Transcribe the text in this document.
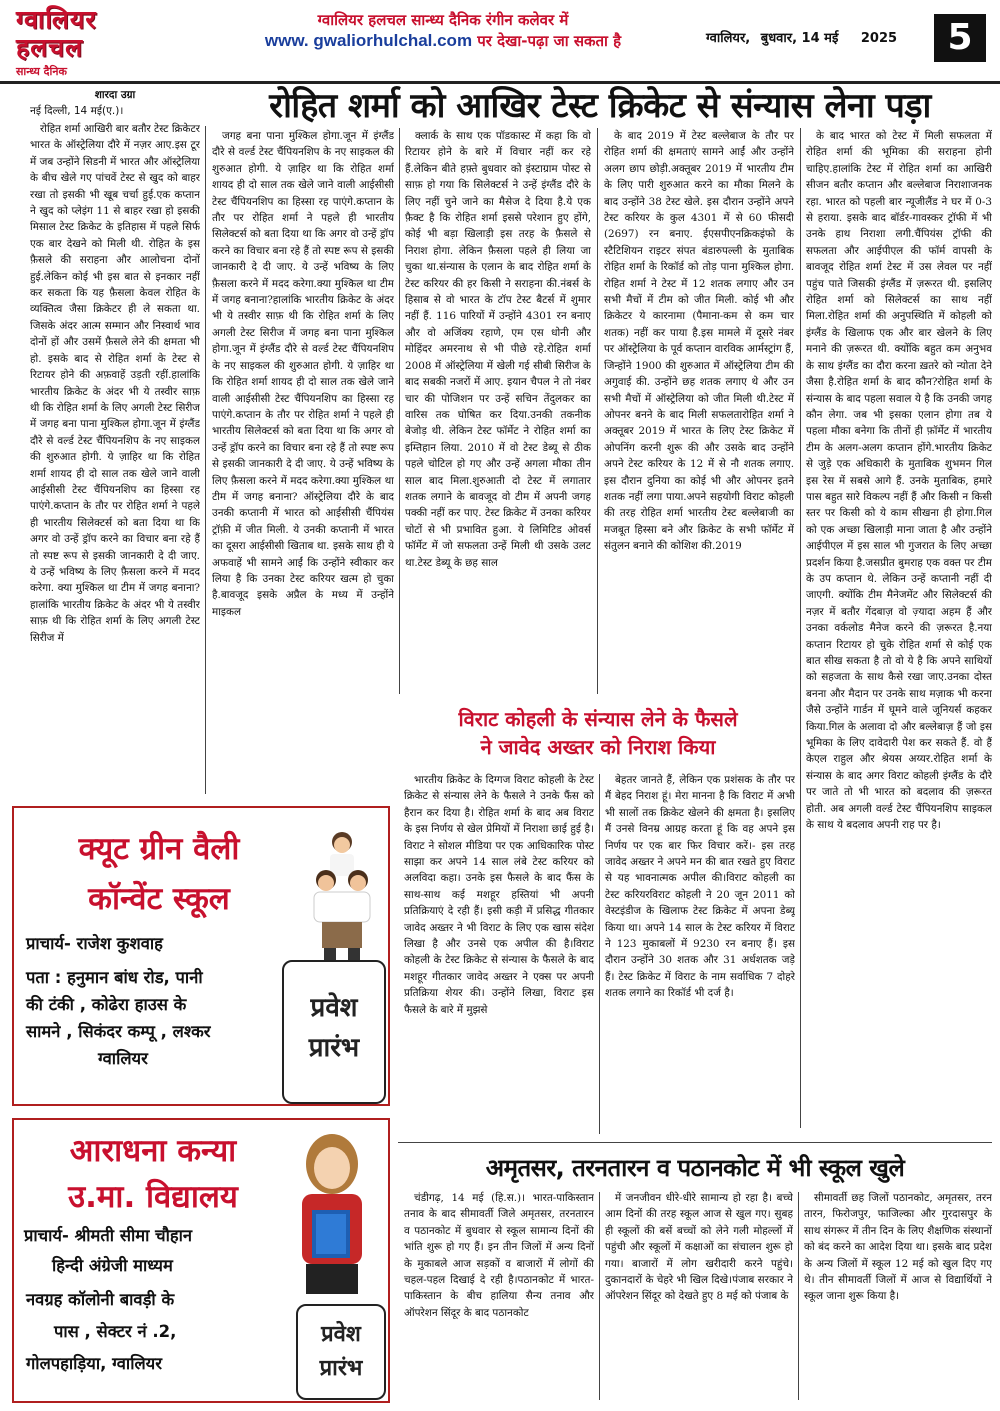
ग्वालियर
हलचल
सान्ध्य दैनिक
ग्वालियर हलचल सान्ध्य दैनिक रंगीन कलेवर में
www. gwaliorhulchal.com पर देखा-पढ़ा जा सकता है	ग्वालियर, बुधवार, 14 मई 2025	5
शारदा उग्रा
नई दिल्ली, 14 मई(ए.)।	रोहित शर्मा को आखिर टेस्ट क्रिकेट से संन्यास लेना पड़ा

रोहित शर्मा आखिरी बार बतौर टेस्ट क्रिकेटर भारत के ऑस्ट्रेलिया दौरे में नज़र आए.इस टूर में जब उन्होंने सिडनी में भारत और ऑस्ट्रेलिया के बीच खेले गए पांचवें टेस्ट से खुद को बाहर रखा तो इसकी भी खूब चर्चा हुई.एक कप्तान ने खुद को प्लेइंग 11 से बाहर रखा हो इसकी मिसाल टेस्ट क्रिकेट के इतिहास में पहले सिर्फ एक बार देखने को मिली थी. रोहित के इस फ़ैसले की सराहना और आलोचना दोनों हुई.लेकिन कोई भी इस बात से इनकार नहीं कर सकता कि यह फ़ैसला केवल रोहित के व्यक्तित्व जैसा क्रिकेटर ही ले सकता था. जिसके अंदर आत्म सम्मान और निस्वार्थ भाव दोनों हों और उसमें फ़ैसले लेने की क्षमता भी हो. इसके बाद से रोहित शर्मा के टेस्ट से रिटायर होने की अफ़वाहें उड़ती रहीं.हालांकि भारतीय क्रिकेट के अंदर भी ये तस्वीर साफ़ थी कि रोहित शर्मा के लिए अगली टेस्ट सिरीज में जगह बना पाना मुश्किल होगा.जून में इंग्लैंड दौरे से वर्ल्ड टेस्ट चैंपियनशिप के नए साइकल की शुरुआत होगी. ये ज़ाहिर था कि रोहित शर्मा शायद ही दो साल तक खेले जाने वाली आईसीसी टेस्ट चैंपियनशिप का हिस्सा रह पाएंगे.कप्तान के तौर पर रोहित शर्मा ने पहले ही भारतीय सिलेक्टर्स को बता दिया था कि अगर वो उन्हें ड्रॉप करने का विचार बना रहे हैं तो स्पष्ट रूप से इसकी जानकारी दे दी जाए. ये उन्हें भविष्य के लिए फ़ैसला करने में मदद करेगा. क्या मुश्किल था टीम में जगह बनाना?हालांकि भारतीय क्रिकेट के अंदर भी ये तस्वीर साफ़ थी कि रोहित शर्मा के लिए अगली टेस्ट सिरीज में

जगह बना पाना मुश्किल होगा.जून में इंग्लैंड दौरे से वर्ल्ड टेस्ट चैंपियनशिप के नए साइकल की शुरुआत होगी. ये ज़ाहिर था कि रोहित शर्मा शायद ही दो साल तक खेले जाने वाली आईसीसी टेस्ट चैंपियनशिप का हिस्सा रह पाएंगे.कप्तान के तौर पर रोहित शर्मा ने पहले ही भारतीय सिलेक्टर्स को बता दिया था कि अगर वो उन्हें ड्रॉप करने का विचार बना रहे हैं तो स्पष्ट रूप से इसकी जानकारी दे दी जाए. ये उन्हें भविष्य के लिए फ़ैसला करने में मदद करेगा.क्या मुश्किल था टीम में जगह बनाना?हालांकि भारतीय क्रिकेट के अंदर भी ये तस्वीर साफ़ थी कि रोहित शर्मा के लिए अगली टेस्ट सिरीज में जगह बना पाना मुश्किल होगा.जून में इंग्लैंड दौरे से वर्ल्ड टेस्ट चैंपियनशिप के नए साइकल की शुरुआत होगी. ये ज़ाहिर था कि रोहित शर्मा शायद ही दो साल तक खेले जाने वाली आईसीसी टेस्ट चैंपियनशिप का हिस्सा रह पाएंगे.कप्तान के तौर पर रोहित शर्मा ने पहले ही भारतीय सिलेक्टर्स को बता दिया था कि अगर वो उन्हें ड्रॉप करने का विचार बना रहे हैं तो स्पष्ट रूप से इसकी जानकारी दे दी जाए. ये उन्हें भविष्य के लिए फ़ैसला करने में मदद करेगा.क्या मुश्किल था टीम में जगह बनाना? ऑस्ट्रेलिया दौरे के बाद उनकी कप्तानी में भारत को आईसीसी चैंपियंस ट्रॉफ़ी में जीत मिली. ये उनकी कप्तानी में भारत का दूसरा आईसीसी खिताब था. इसके साथ ही ये अफवाहें भी सामने आईं कि उन्होंने स्वीकार कर लिया है कि उनका टेस्ट करियर खत्म हो चुका है.बावजूद इसके अप्रैल के मध्य में उन्होंने माइकल

क्लार्क के साथ एक पॉडकास्ट में कहा कि वो रिटायर होने के बारे में विचार नहीं कर रहे हैं.लेकिन बीते हफ़्ते बुधवार को इंस्टाग्राम पोस्ट से साफ़ हो गया कि सिलेक्टर्स ने उन्हें इंग्लैंड दौरे के लिए नहीं चुने जाने का मैसेज दे दिया है.ये एक फ़ैक्ट है कि रोहित शर्मा इससे परेशान हुए होंगे, कोई भी बड़ा खिलाड़ी इस तरह के फ़ैसले से निराश होगा. लेकिन फ़ैसला पहले ही लिया जा चुका था.संन्यास के एलान के बाद रोहित शर्मा के टेस्ट करियर की हर किसी ने सराहना की.नंबर्स के हिसाब से वो भारत के टॉप टेस्ट बैटर्स में शुमार नहीं हैं. 116 पारियों में उन्होंने 4301 रन बनाए और वो अजिंक्य रहाणे, एम एस धोनी और मोहिंदर अमरनाथ से भी पीछे रहे.रोहित शर्मा 2008 में ऑस्ट्रेलिया में खेली गई सीबी सिरीज के बाद सबकी नजरों में आए. इयान चैपल ने तो नंबर चार की पोजिशन पर उन्हें सचिन तेंदुलकर का वारिस तक घोषित कर दिया.उनकी तकनीक बेजोड़ थी. लेकिन टेस्ट फॉर्मेट ने रोहित शर्मा का इम्तिहान लिया. 2010 में वो टेस्ट डेब्यू से ठीक पहले चोटिल हो गए और उन्हें अगला मौका तीन साल बाद मिला.शुरुआती दो टेस्ट में लगातार शतक लगाने के बावजूद वो टीम में अपनी जगह पक्की नहीं कर पाए. टेस्ट क्रिकेट में उनका करियर चोटों से भी प्रभावित हुआ. ये लिमिटिड ओवर्स फॉर्मेट में जो सफलता उन्हें मिली थी उसके उलट था.टेस्ट डेब्यू के छह साल

के बाद 2019 में टेस्ट बल्लेबाज के तौर पर रोहित शर्मा की क्षमताएं सामने आईं और उन्होंने अलग छाप छोड़ी.अक्तूबर 2019 में भारतीय टीम के लिए पारी शुरुआत करने का मौका मिलने के बाद उन्होंने 38 टेस्ट खेले. इस दौरान उन्होंने अपने टेस्ट करियर के कुल 4301 में से 60 फीसदी (2697) रन बनाए. ईएसपीएनक्रिकइंफो के स्टैटिशियन राइटर संपत बंडारुपल्ली के मुताबिक रोहित शर्मा के रिकॉर्ड को तोड़ पाना मुश्किल होगा. रोहित शर्मा ने टेस्ट में 12 शतक लगाए और उन सभी मैचों में टीम को जीत मिली. कोई भी और क्रिकेटर ये कारनामा (पैमाना-कम से कम चार शतक) नहीं कर पाया है.इस मामले में दूसरे नंबर पर ऑस्ट्रेलिया के पूर्व कप्तान वारविक आर्मस्ट्रांग हैं, जिन्होंने 1900 की शुरुआत में ऑस्ट्रेलिया टीम की अगुवाई की. उन्होंने छह शतक लगाए थे और उन सभी मैचों में ऑस्ट्रेलिया को जीत मिली थी.टेस्ट में ओपनर बनने के बाद मिली सफलतारोहित शर्मा ने अक्तूबर 2019 में भारत के लिए टेस्ट क्रिकेट में ओपनिंग करनी शुरू की और उसके बाद उन्होंने अपने टेस्ट करियर के 12 में से नौ शतक लगाए. इस दौरान दुनिया का कोई भी और ओपनर इतने शतक नहीं लगा पाया.अपने सहयोगी विराट कोहली की तरह रोहित शर्मा भारतीय टेस्ट बल्लेबाजी का मजबूत हिस्सा बने और क्रिकेट के सभी फॉर्मेट में संतुलन बनाने की कोशिश की.2019

के बाद भारत को टेस्ट में मिली सफलता में रोहित शर्मा की भूमिका की सराहना होनी चाहिए.हालांकि टेस्ट में रोहित शर्मा का आखिरी सीजन बतौर कप्तान और बल्लेबाज निराशाजनक रहा. भारत को पहली बार न्यूजीलैंड ने घर में 0-3 से हराया. इसके बाद बॉर्डर-गावस्कर ट्रॉफी में भी उनके हाथ निराशा लगी.चैंपियंस ट्रॉफी की सफलता और आईपीएल की फॉर्म वापसी के बावजूद रोहित शर्मा टेस्ट में उस लेवल पर नहीं पहुंच पाते जिसकी इंग्लैंड में ज़रूरत थी. इसलिए रोहित शर्मा को सिलेक्टर्स का साथ नहीं मिला.रोहित शर्मा की अनुपस्थिति में कोहली को इंग्लैंड के खिलाफ एक और बार खेलने के लिए मनाने की ज़रूरत थी. क्योंकि बहुत कम अनुभव के साथ इंग्लैंड का दौरा करना ख़तरे को न्योता देने जैसा है.रोहित शर्मा के बाद कौन?रोहित शर्मा के संन्यास के बाद पहला सवाल ये है कि उनकी जगह कौन लेगा. जब भी इसका एलान होगा तब ये पहला मौका बनेगा कि तीनों ही फ़ॉर्मेट में भारतीय टीम के अलग-अलग कप्तान होंगे.भारतीय क्रिकेट से जुड़े एक अधिकारी के मुताबिक शुभमन गिल इस रेस में सबसे आगे हैं. उनके मुताबिक, हमारे पास बहुत सारे विकल्प नहीं हैं और किसी न किसी स्तर पर किसी को ये काम सीखना ही होगा.गिल को एक अच्छा खिलाड़ी माना जाता है और उन्होंने आईपीएल में इस साल भी गुजरात के लिए अच्छा प्रदर्शन किया है.जसप्रीत बुमराह एक वक्त पर टीम के उप कप्तान थे. लेकिन उन्हें कप्तानी नहीं दी जाएगी. क्योंकि टीम मैनेजमेंट और सिलेक्टर्स की नज़र में बतौर गेंदबाज़ वो ज़्यादा अहम हैं और उनका वर्कलोड मैनेज करने की ज़रूरत है.नया कप्तान रिटायर हो चुके रोहित शर्मा से कोई एक बात सीख सकता है तो वो ये है कि अपने साथियों को सहजता के साथ कैसे रखा जाए.उनका दोस्त बनना और मैदान पर उनके साथ मज़ाक भी करना जैसे उन्होंने गार्डन में घूमने वाले जूनियर्स कहकर किया.गिल के अलावा दो और बल्लेबाज़ हैं जो इस भूमिका के लिए दावेदारी पेश कर सकते हैं. वो हैं केएल राहुल और श्रेयस अय्यर.रोहित शर्मा के संन्यास के बाद अगर विराट कोहली इंग्लैंड के दौरे पर जाते तो भी भारत को बदलाव की ज़रूरत होती. अब अगली वर्ल्ड टेस्ट चैंपियनशिप साइकल के साथ ये बदलाव अपनी राह पर है।

विराट कोहली के संन्यास लेने के फैसले
ने जावेद अख्तर को निराश किया

भारतीय क्रिकेट के दिग्गज विराट कोहली के टेस्ट क्रिकेट से संन्यास लेने के फैसले ने उनके फैंस को हैरान कर दिया है। रोहित शर्मा के बाद अब विराट के इस निर्णय से खेल प्रेमियों में निराशा छाई हुई है। विराट ने सोशल मीडिया पर एक आधिकारिक पोस्ट साझा कर अपने 14 साल लंबे टेस्ट करियर को अलविदा कहा। उनके इस फैसले के बाद फैंस के साथ-साथ कई मशहूर हस्तियां भी अपनी प्रतिक्रियाएं दे रही हैं। इसी कड़ी में प्रसिद्ध गीतकार जावेद अख्तर ने भी विराट के लिए एक खास संदेश लिखा है और उनसे एक अपील की है।विराट कोहली के टेस्ट क्रिकेट से संन्यास के फैसले के बाद मशहूर गीतकार जावेद अख्तर ने एक्स पर अपनी प्रतिक्रिया शेयर की। उन्होंने लिखा, विराट इस फैसले के बारे में मुझसे

बेहतर जानते हैं, लेकिन एक प्रशंसक के तौर पर मैं बेहद निराश हूं। मेरा मानना है कि विराट में अभी भी सालों तक क्रिकेट खेलने की क्षमता है। इसलिए मैं उनसे विनम्र आग्रह करता हूं कि वह अपने इस निर्णय पर एक बार फिर विचार करें।- इस तरह जावेद अख्तर ने अपने मन की बात रखते हुए विराट से यह भावनात्मक अपील की।विराट कोहली का टेस्ट करियरविराट कोहली ने 20 जून 2011 को वेस्टइंडीज के खिलाफ टेस्ट क्रिकेट में अपना डेब्यू किया था। अपने 14 साल के टेस्ट करियर में विराट ने 123 मुकाबलों में 9230 रन बनाए हैं। इस दौरान उन्होंने 30 शतक और 31 अर्धशतक जड़े हैं। टेस्ट क्रिकेट में विराट के नाम सर्वाधिक 7 दोहरे शतक लगाने का रिकॉर्ड भी दर्ज है।

अमृतसर, तरनतारन व पठानकोट में भी स्कूल खुले

चंडीगढ़, 14 मई (हि.स.)। भारत-पाकिस्तान तनाव के बाद सीमावर्ती जिले अमृतसर, तरनतारन व पठानकोट में बुधवार से स्कूल सामान्य दिनों की भांति शुरू हो गए हैं। इन तीन जिलों में अन्य दिनों के मुकाबले आज सड़कों व बाजारों में लोगों की चहल-पहल दिखाई दे रही है।पठानकोट में भारत-पाकिस्तान के बीच हालिया सैन्य तनाव और ऑपरेशन सिंदूर के बाद पठानकोट

में जनजीवन धीरे-धीरे सामान्य हो रहा है। बच्चे आम दिनों की तरह स्कूल आज से खुल गए। सुबह ही स्कूलों की बसें बच्चों को लेने गली मोहल्लों में पहुंची और स्कूलों में कक्षाओं का संचालन शुरू हो गया। बाजारों में लोग खरीदारी करने पहुंचे। दुकानदारों के चेहरे भी खिल दिखे।पंजाब सरकार ने ऑपरेशन सिंदूर को देखते हुए 8 मई को पंजाब के

सीमावर्ती छह जिलों पठानकोट, अमृतसर, तरन तारन, फिरोजपुर, फाजिल्का और गुरदासपुर के साथ संगरूर में तीन दिन के लिए शैक्षणिक संस्थानों को बंद करने का आदेश दिया था। इसके बाद प्रदेश के अन्य जिलों में स्कूल 12 मई को खुल दिए गए थे। तीन सीमावर्ती जिलों में आज से विद्यार्थियों ने स्कूल जाना शुरू किया है।

क्यूट ग्रीन वैली
कॉन्वेंट स्कूल
प्राचार्य- राजेश कुशवाह
पता : हनुमान बांध रोड, पानी
की टंकी , कोढेरा हाउस के
सामने , सिकंदर कम्पू , लश्कर
ग्वालियर
प्रवेश
प्रारंभ
आराधना कन्या
उ.मा. विद्यालय
प्राचार्य- श्रीमती सीमा चौहान
हिन्दी अंग्रेजी माध्यम
नवग्रह कॉलोनी बावड़ी के
पास , सेक्टर नं .2,
गोलपहाड़िया, ग्वालियर
प्रवेश
प्रारंभ
